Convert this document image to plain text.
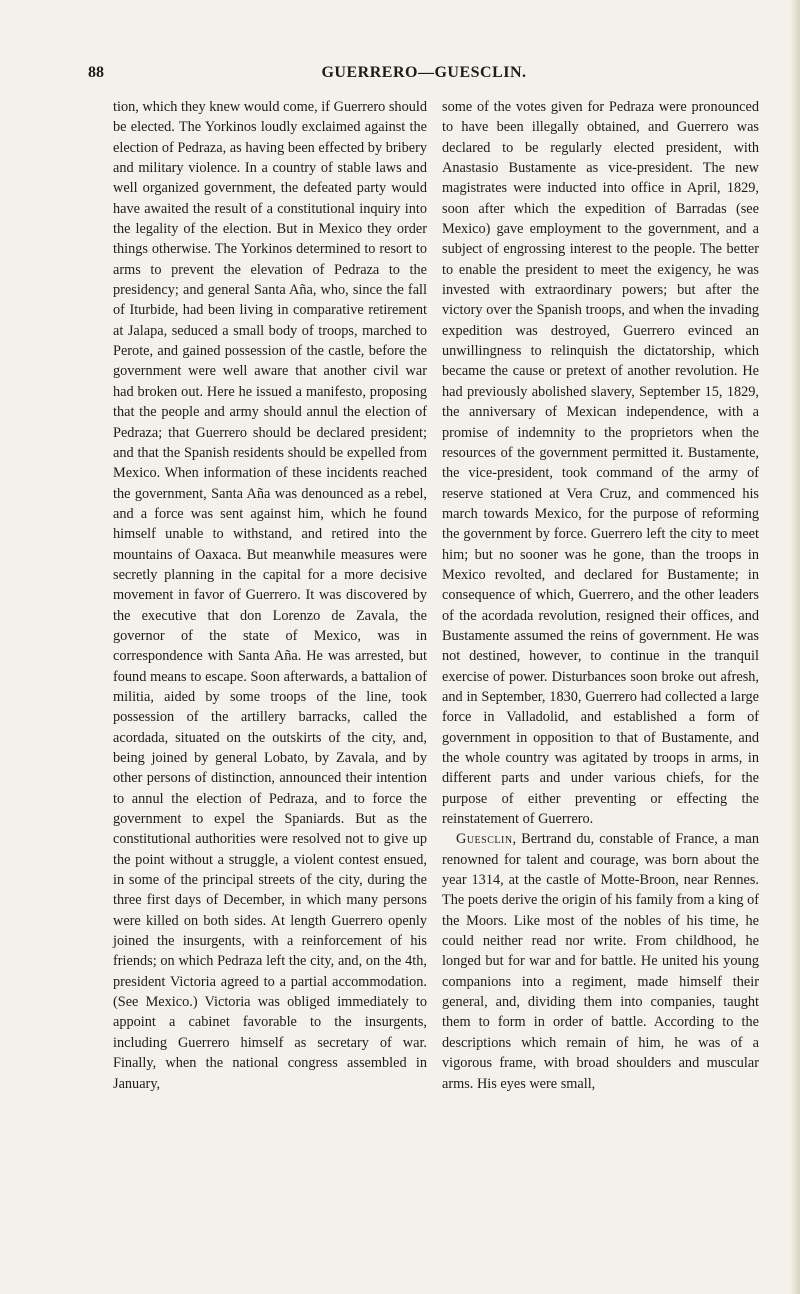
88	GUERRERO—GUESCLIN.

tion, which they knew would come, if Guerrero should be elected. The Yorkinos loudly exclaimed against the election of Pedraza, as having been effected by bribery and military violence. In a country of stable laws and well organized government, the defeated party would have awaited the result of a constitutional inquiry into the legality of the election. But in Mexico they order things otherwise. The Yorkinos determined to resort to arms to prevent the elevation of Pedraza to the presidency; and general Santa Aña, who, since the fall of Iturbide, had been living in comparative retirement at Jalapa, seduced a small body of troops, marched to Perote, and gained possession of the castle, before the government were well aware that another civil war had broken out. Here he issued a manifesto, proposing that the people and army should annul the election of Pedraza; that Guerrero should be declared president; and that the Spanish residents should be expelled from Mexico. When information of these incidents reached the government, Santa Aña was denounced as a rebel, and a force was sent against him, which he found himself unable to withstand, and retired into the mountains of Oaxaca. But meanwhile measures were secretly planning in the capital for a more decisive movement in favor of Guerrero. It was discovered by the executive that don Lorenzo de Zavala, the governor of the state of Mexico, was in correspondence with Santa Aña. He was arrested, but found means to escape. Soon afterwards, a battalion of militia, aided by some troops of the line, took possession of the artillery barracks, called the acordada, situated on the outskirts of the city, and, being joined by general Lobato, by Zavala, and by other persons of distinction, announced their intention to annul the election of Pedraza, and to force the government to expel the Spaniards. But as the constitutional authorities were resolved not to give up the point without a struggle, a violent contest ensued, in some of the principal streets of the city, during the three first days of December, in which many persons were killed on both sides. At length Guerrero openly joined the insurgents, with a reinforcement of his friends; on which Pedraza left the city, and, on the 4th, president Victoria agreed to a partial accommodation. (See Mexico.) Victoria was obliged immediately to appoint a cabinet favorable to the insurgents, including Guerrero himself as secretary of war. Finally, when the national congress assembled in January,

some of the votes given for Pedraza were pronounced to have been illegally obtained, and Guerrero was declared to be regularly elected president, with Anastasio Bustamente as vice-president. The new magistrates were inducted into office in April, 1829, soon after which the expedition of Barradas (see Mexico) gave employment to the government, and a subject of engrossing interest to the people. The better to enable the president to meet the exigency, he was invested with extraordinary powers; but after the victory over the Spanish troops, and when the invading expedition was destroyed, Guerrero evinced an unwillingness to relinquish the dictatorship, which became the cause or pretext of another revolution. He had previously abolished slavery, September 15, 1829, the anniversary of Mexican independence, with a promise of indemnity to the proprietors when the resources of the government permitted it. Bustamente, the vice-president, took command of the army of reserve stationed at Vera Cruz, and commenced his march towards Mexico, for the purpose of reforming the government by force. Guerrero left the city to meet him; but no sooner was he gone, than the troops in Mexico revolted, and declared for Bustamente; in consequence of which, Guerrero, and the other leaders of the acordada revolution, resigned their offices, and Bustamente assumed the reins of government. He was not destined, however, to continue in the tranquil exercise of power. Disturbances soon broke out afresh, and in September, 1830, Guerrero had collected a large force in Valladolid, and established a form of government in opposition to that of Bustamente, and the whole country was agitated by troops in arms, in different parts and under various chiefs, for the purpose of either preventing or effecting the reinstatement of Guerrero.

Guesclin, Bertrand du, constable of France, a man renowned for talent and courage, was born about the year 1314, at the castle of Motte-Broon, near Rennes. The poets derive the origin of his family from a king of the Moors. Like most of the nobles of his time, he could neither read nor write. From childhood, he longed but for war and for battle. He united his young companions into a regiment, made himself their general, and, dividing them into companies, taught them to form in order of battle. According to the descriptions which remain of him, he was of a vigorous frame, with broad shoulders and muscular arms. His eyes were small,
